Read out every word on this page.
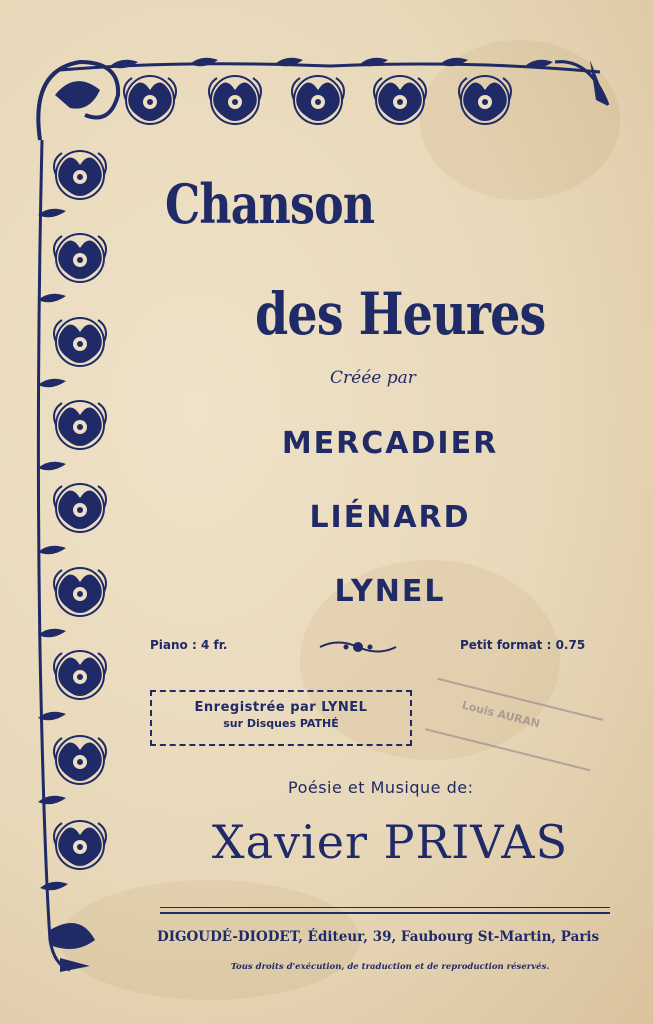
Chanson
des Heures
Créée par
MERCADIER
LIÉNARD
LYNEL
Piano : 4 fr.	Petit format : 0.75
Enregistrée par LYNEL
sur Disques PATHÉ	Louis AURAN
Poésie et Musique de:
Xavier PRIVAS
DIGOUDÉ-DIODET, Éditeur, 39, Faubourg St-Martin, Paris
Tous droits d'exécution, de traduction et de reproduction réservés.
